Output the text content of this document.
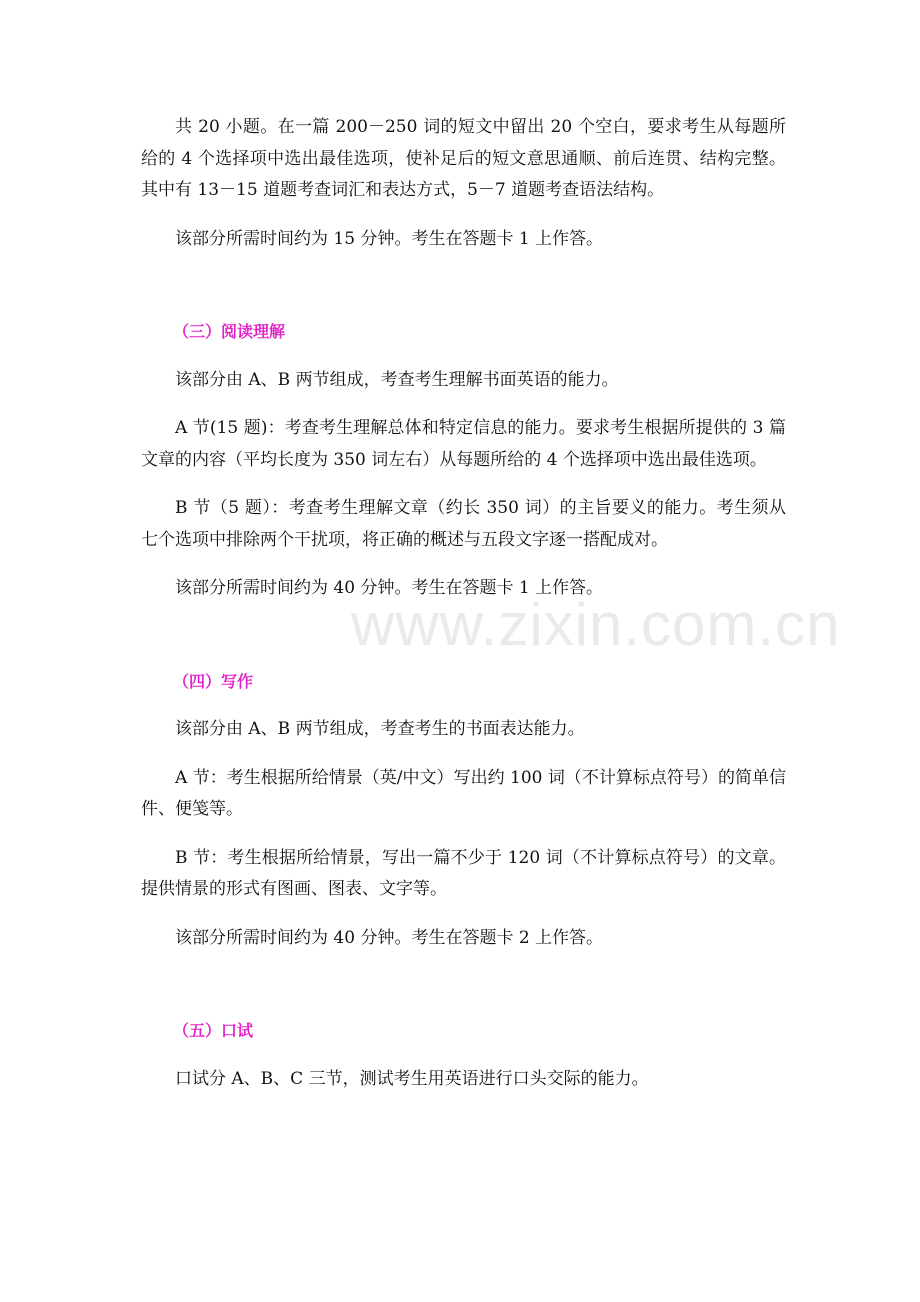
www.zixin.com.cn

共 20 小题。在一篇 200－250 词的短文中留出 20 个空白，要求考生从每题所给的 4 个选择项中选出最佳选项，使补足后的短文意思通顺、前后连贯、结构完整。其中有 13－15 道题考查词汇和表达方式，5－7 道题考查语法结构。

该部分所需时间约为 15 分钟。考生在答题卡 1 上作答。

（三）阅读理解

该部分由 A、B 两节组成，考查考生理解书面英语的能力。

A 节(15 题)：考查考生理解总体和特定信息的能力。要求考生根据所提供的 3 篇文章的内容（平均长度为 350 词左右）从每题所给的 4 个选择项中选出最佳选项。

B 节（5 题）：考查考生理解文章（约长 350 词）的主旨要义的能力。考生须从七个选项中排除两个干扰项，将正确的概述与五段文字逐一搭配成对。

该部分所需时间约为 40 分钟。考生在答题卡 1 上作答。

（四）写作

该部分由 A、B 两节组成，考查考生的书面表达能力。

A 节：考生根据所给情景（英/中文）写出约 100 词（不计算标点符号）的简单信件、便笺等。

B 节：考生根据所给情景，写出一篇不少于 120 词（不计算标点符号）的文章。提供情景的形式有图画、图表、文字等。

该部分所需时间约为 40 分钟。考生在答题卡 2 上作答。

（五）口试

口试分 A、B、C 三节，测试考生用英语进行口头交际的能力。
